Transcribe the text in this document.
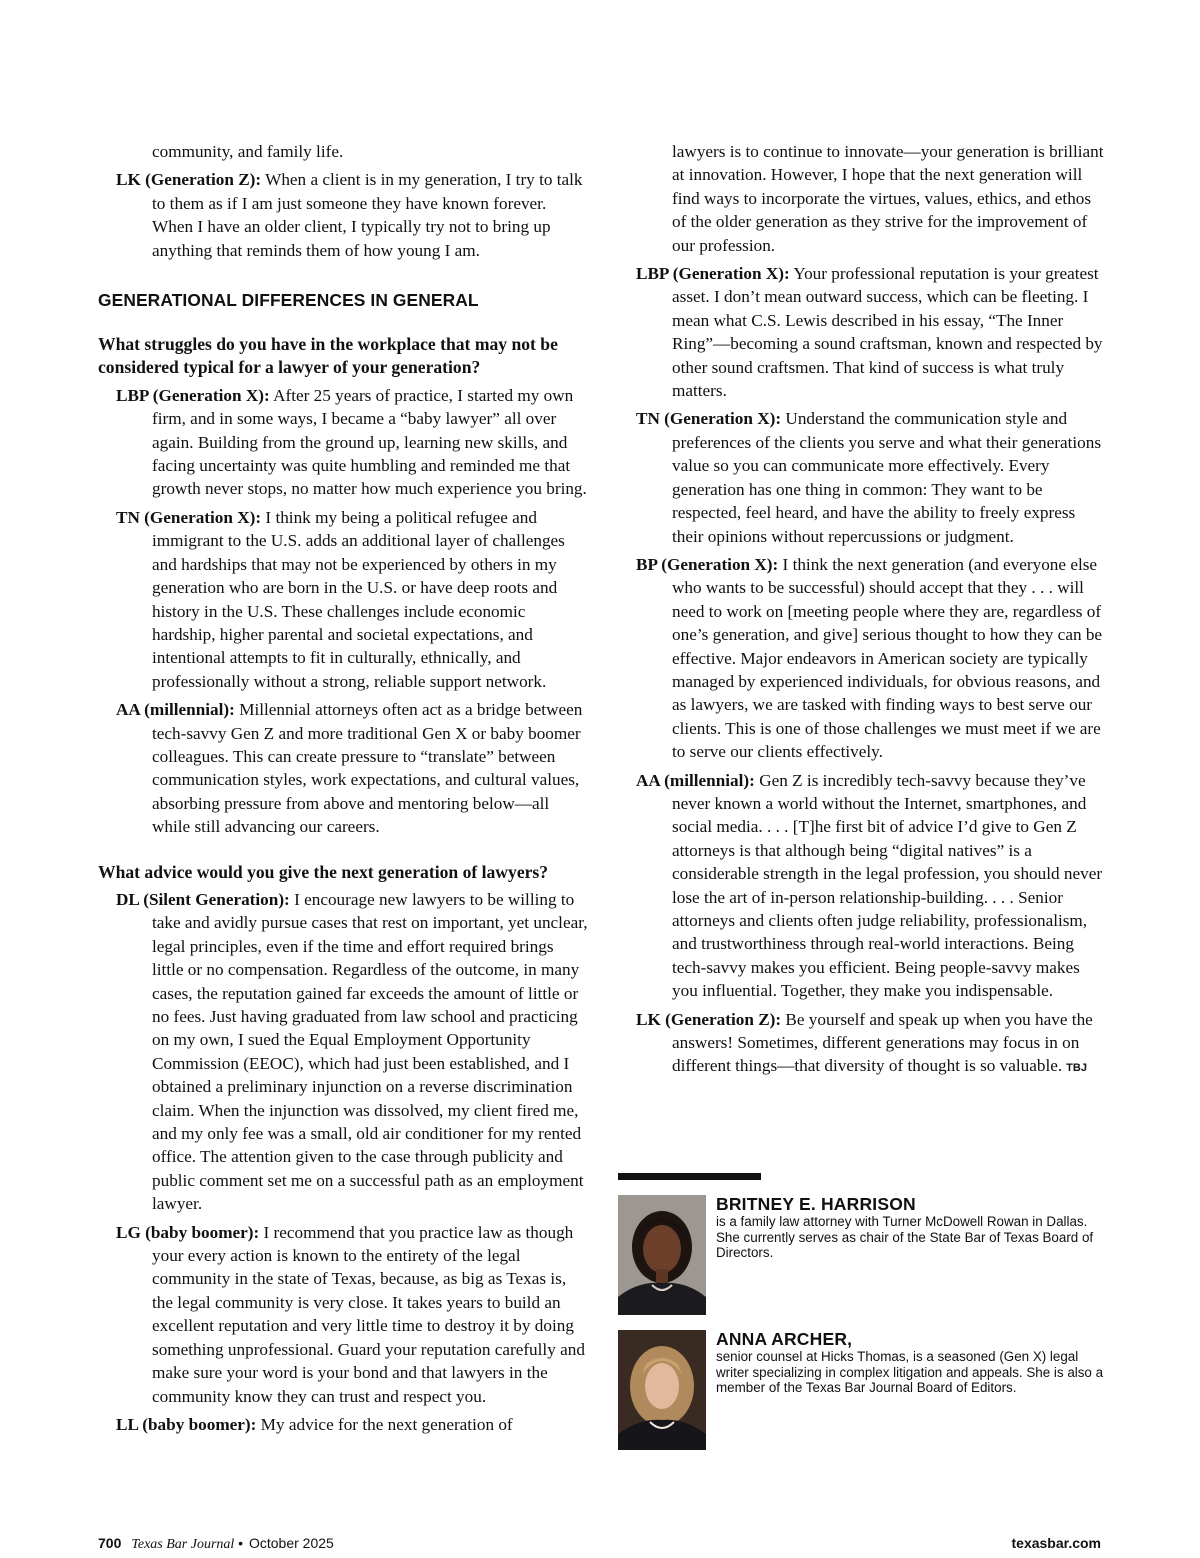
community, and family life.

LK (Generation Z): When a client is in my generation, I try to talk to them as if I am just someone they have known forever. When I have an older client, I typically try not to bring up anything that reminds them of how young I am.

GENERATIONAL DIFFERENCES IN GENERAL
What struggles do you have in the workplace that may not be considered typical for a lawyer of your generation?

LBP (Generation X): After 25 years of practice, I started my own firm, and in some ways, I became a “baby lawyer” all over again. Building from the ground up, learning new skills, and facing uncertainty was quite humbling and reminded me that growth never stops, no matter how much experience you bring.

TN (Generation X): I think my being a political refugee and immigrant to the U.S. adds an additional layer of challenges and hardships that may not be experienced by others in my generation who are born in the U.S. or have deep roots and history in the U.S. These challenges include economic hardship, higher parental and societal expectations, and intentional attempts to fit in culturally, ethnically, and professionally without a strong, reliable support network.

AA (millennial): Millennial attorneys often act as a bridge between tech-savvy Gen Z and more traditional Gen X or baby boomer colleagues. This can create pressure to “translate” between communication styles, work expectations, and cultural values, absorbing pressure from above and mentoring below—all while still advancing our careers.

What advice would you give the next generation of lawyers?

DL (Silent Generation): I encourage new lawyers to be willing to take and avidly pursue cases that rest on important, yet unclear, legal principles, even if the time and effort required brings little or no compensation. Regardless of the outcome, in many cases, the reputation gained far exceeds the amount of little or no fees. Just having graduated from law school and practicing on my own, I sued the Equal Employment Opportunity Commission (EEOC), which had just been established, and I obtained a preliminary injunction on a reverse discrimination claim. When the injunction was dissolved, my client fired me, and my only fee was a small, old air conditioner for my rented office. The attention given to the case through publicity and public comment set me on a successful path as an employment lawyer.

LG (baby boomer): I recommend that you practice law as though your every action is known to the entirety of the legal community in the state of Texas, because, as big as Texas is, the legal community is very close. It takes years to build an excellent reputation and very little time to destroy it by doing something unprofessional. Guard your reputation carefully and make sure your word is your bond and that lawyers in the community know they can trust and respect you.

LL (baby boomer): My advice for the next generation of

lawyers is to continue to innovate—your generation is brilliant at innovation. However, I hope that the next generation will find ways to incorporate the virtues, values, ethics, and ethos of the older generation as they strive for the improvement of our profession.

LBP (Generation X): Your professional reputation is your greatest asset. I don’t mean outward success, which can be fleeting. I mean what C.S. Lewis described in his essay, “The Inner Ring”—becoming a sound craftsman, known and respected by other sound craftsmen. That kind of success is what truly matters.

TN (Generation X): Understand the communication style and preferences of the clients you serve and what their generations value so you can communicate more effectively. Every generation has one thing in common: They want to be respected, feel heard, and have the ability to freely express their opinions without repercussions or judgment.

BP (Generation X): I think the next generation (and everyone else who wants to be successful) should accept that they . . . will need to work on [meeting people where they are, regardless of one’s generation, and give] serious thought to how they can be effective. Major endeavors in American society are typically managed by experienced individuals, for obvious reasons, and as lawyers, we are tasked with finding ways to best serve our clients. This is one of those challenges we must meet if we are to serve our clients effectively.

AA (millennial): Gen Z is incredibly tech-savvy because they’ve never known a world without the Internet, smartphones, and social media. . . . [T]he first bit of advice I’d give to Gen Z attorneys is that although being “digital natives” is a considerable strength in the legal profession, you should never lose the art of in-person relationship-building. . . . Senior attorneys and clients often judge reliability, professionalism, and trustworthiness through real-world interactions. Being tech-savvy makes you efficient. Being people-savvy makes you influential. Together, they make you indispensable.

LK (Generation Z): Be yourself and speak up when you have the answers! Sometimes, different generations may focus in on different things—that diversity of thought is so valuable. TBJ

BRITNEY E. HARRISON
is a family law attorney with Turner McDowell Rowan in Dallas. She currently serves as chair of the State Bar of Texas Board of Directors.
ANNA ARCHER,
senior counsel at Hicks Thomas, is a seasoned (Gen X) legal writer specializing in complex litigation and appeals. She is also a member of the Texas Bar Journal Board of Editors.
700 Texas Bar Journal • October 2025	texasbar.com
